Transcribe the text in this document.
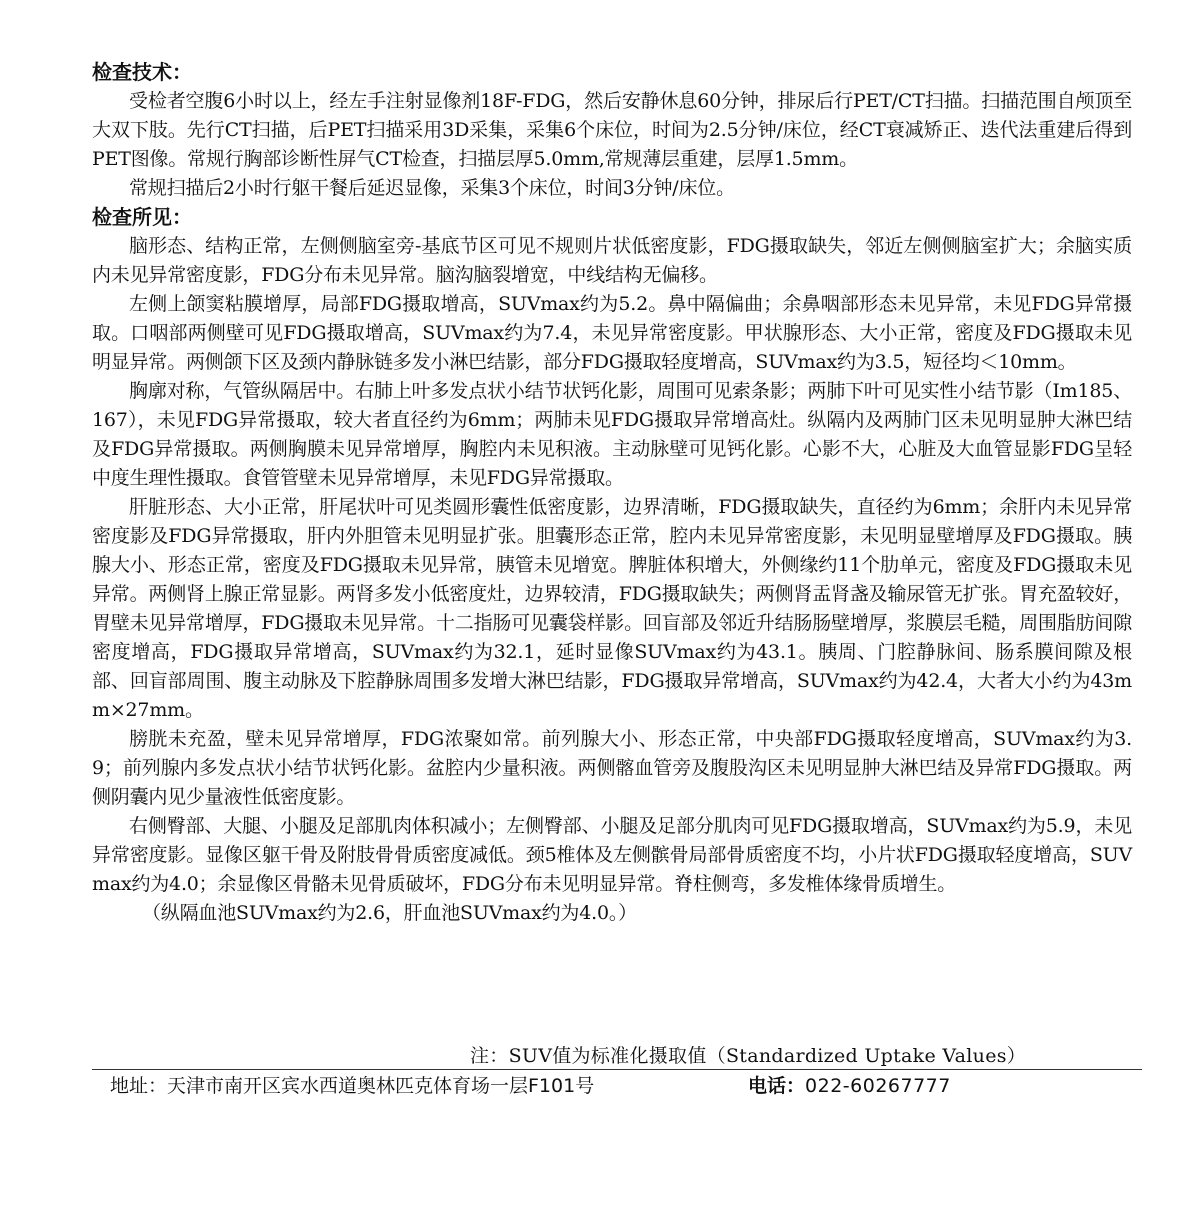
检查技术：

受检者空腹6小时以上，经左手注射显像剂18F-FDG，然后安静休息60分钟，排尿后行PET/CT扫描。扫描范围自颅顶至大双下肢。先行CT扫描，后PET扫描采用3D采集，采集6个床位，时间为2.5分钟/床位，经CT衰减矫正、迭代法重建后得到PET图像。常规行胸部诊断性屏气CT检查，扫描层厚5.0mm,常规薄层重建，层厚1.5mm。

常规扫描后2小时行躯干餐后延迟显像，采集3个床位，时间3分钟/床位。

检查所见：

脑形态、结构正常，左侧侧脑室旁-基底节区可见不规则片状低密度影，FDG摄取缺失，邻近左侧侧脑室扩大；余脑实质内未见异常密度影，FDG分布未见异常。脑沟脑裂增宽，中线结构无偏移。

左侧上颌窦粘膜增厚，局部FDG摄取增高，SUVmax约为5.2。鼻中隔偏曲；余鼻咽部形态未见异常，未见FDG异常摄取。口咽部两侧壁可见FDG摄取增高，SUVmax约为7.4，未见异常密度影。甲状腺形态、大小正常，密度及FDG摄取未见明显异常。两侧颌下区及颈内静脉链多发小淋巴结影，部分FDG摄取轻度增高，SUVmax约为3.5，短径均＜10mm。

胸廓对称，气管纵隔居中。右肺上叶多发点状小结节状钙化影，周围可见索条影；两肺下叶可见实性小结节影（Im185、167），未见FDG异常摄取，较大者直径约为6mm；两肺未见FDG摄取异常增高灶。纵隔内及两肺门区未见明显肿大淋巴结及FDG异常摄取。两侧胸膜未见异常增厚，胸腔内未见积液。主动脉壁可见钙化影。心影不大，心脏及大血管显影FDG呈轻中度生理性摄取。食管管壁未见异常增厚，未见FDG异常摄取。

肝脏形态、大小正常，肝尾状叶可见类圆形囊性低密度影，边界清晰，FDG摄取缺失，直径约为6mm；余肝内未见异常密度影及FDG异常摄取，肝内外胆管未见明显扩张。胆囊形态正常，腔内未见异常密度影，未见明显壁增厚及FDG摄取。胰腺大小、形态正常，密度及FDG摄取未见异常，胰管未见增宽。脾脏体积增大，外侧缘约11个肋单元，密度及FDG摄取未见异常。两侧肾上腺正常显影。两肾多发小低密度灶，边界较清，FDG摄取缺失；两侧肾盂肾盏及输尿管无扩张。胃充盈较好，胃壁未见异常增厚，FDG摄取未见异常。十二指肠可见囊袋样影。回盲部及邻近升结肠肠壁增厚，浆膜层毛糙，周围脂肪间隙密度增高，FDG摄取异常增高，SUVmax约为32.1，延时显像SUVmax约为43.1。胰周、门腔静脉间、肠系膜间隙及根部、回盲部周围、腹主动脉及下腔静脉周围多发增大淋巴结影，FDG摄取异常增高，SUVmax约为42.4，大者大小约为43mm×27mm。

膀胱未充盈，壁未见异常增厚，FDG浓聚如常。前列腺大小、形态正常，中央部FDG摄取轻度增高，SUVmax约为3.9；前列腺内多发点状小结节状钙化影。盆腔内少量积液。两侧髂血管旁及腹股沟区未见明显肿大淋巴结及异常FDG摄取。两侧阴囊内见少量液性低密度影。

右侧臀部、大腿、小腿及足部肌肉体积减小；左侧臀部、小腿及足部分肌肉可见FDG摄取增高，SUVmax约为5.9，未见异常密度影。显像区躯干骨及附肢骨骨质密度减低。颈5椎体及左侧髌骨局部骨质密度不均，小片状FDG摄取轻度增高，SUVmax约为4.0；余显像区骨骼未见骨质破坏，FDG分布未见明显异常。脊柱侧弯，多发椎体缘骨质增生。

（纵隔血池SUVmax约为2.6，肝血池SUVmax约为4.0。）

注：SUV值为标准化摄取值（Standardized Uptake Values）
地址：天津市南开区宾水西道奥林匹克体育场一层F101号	电话：022-60267777
